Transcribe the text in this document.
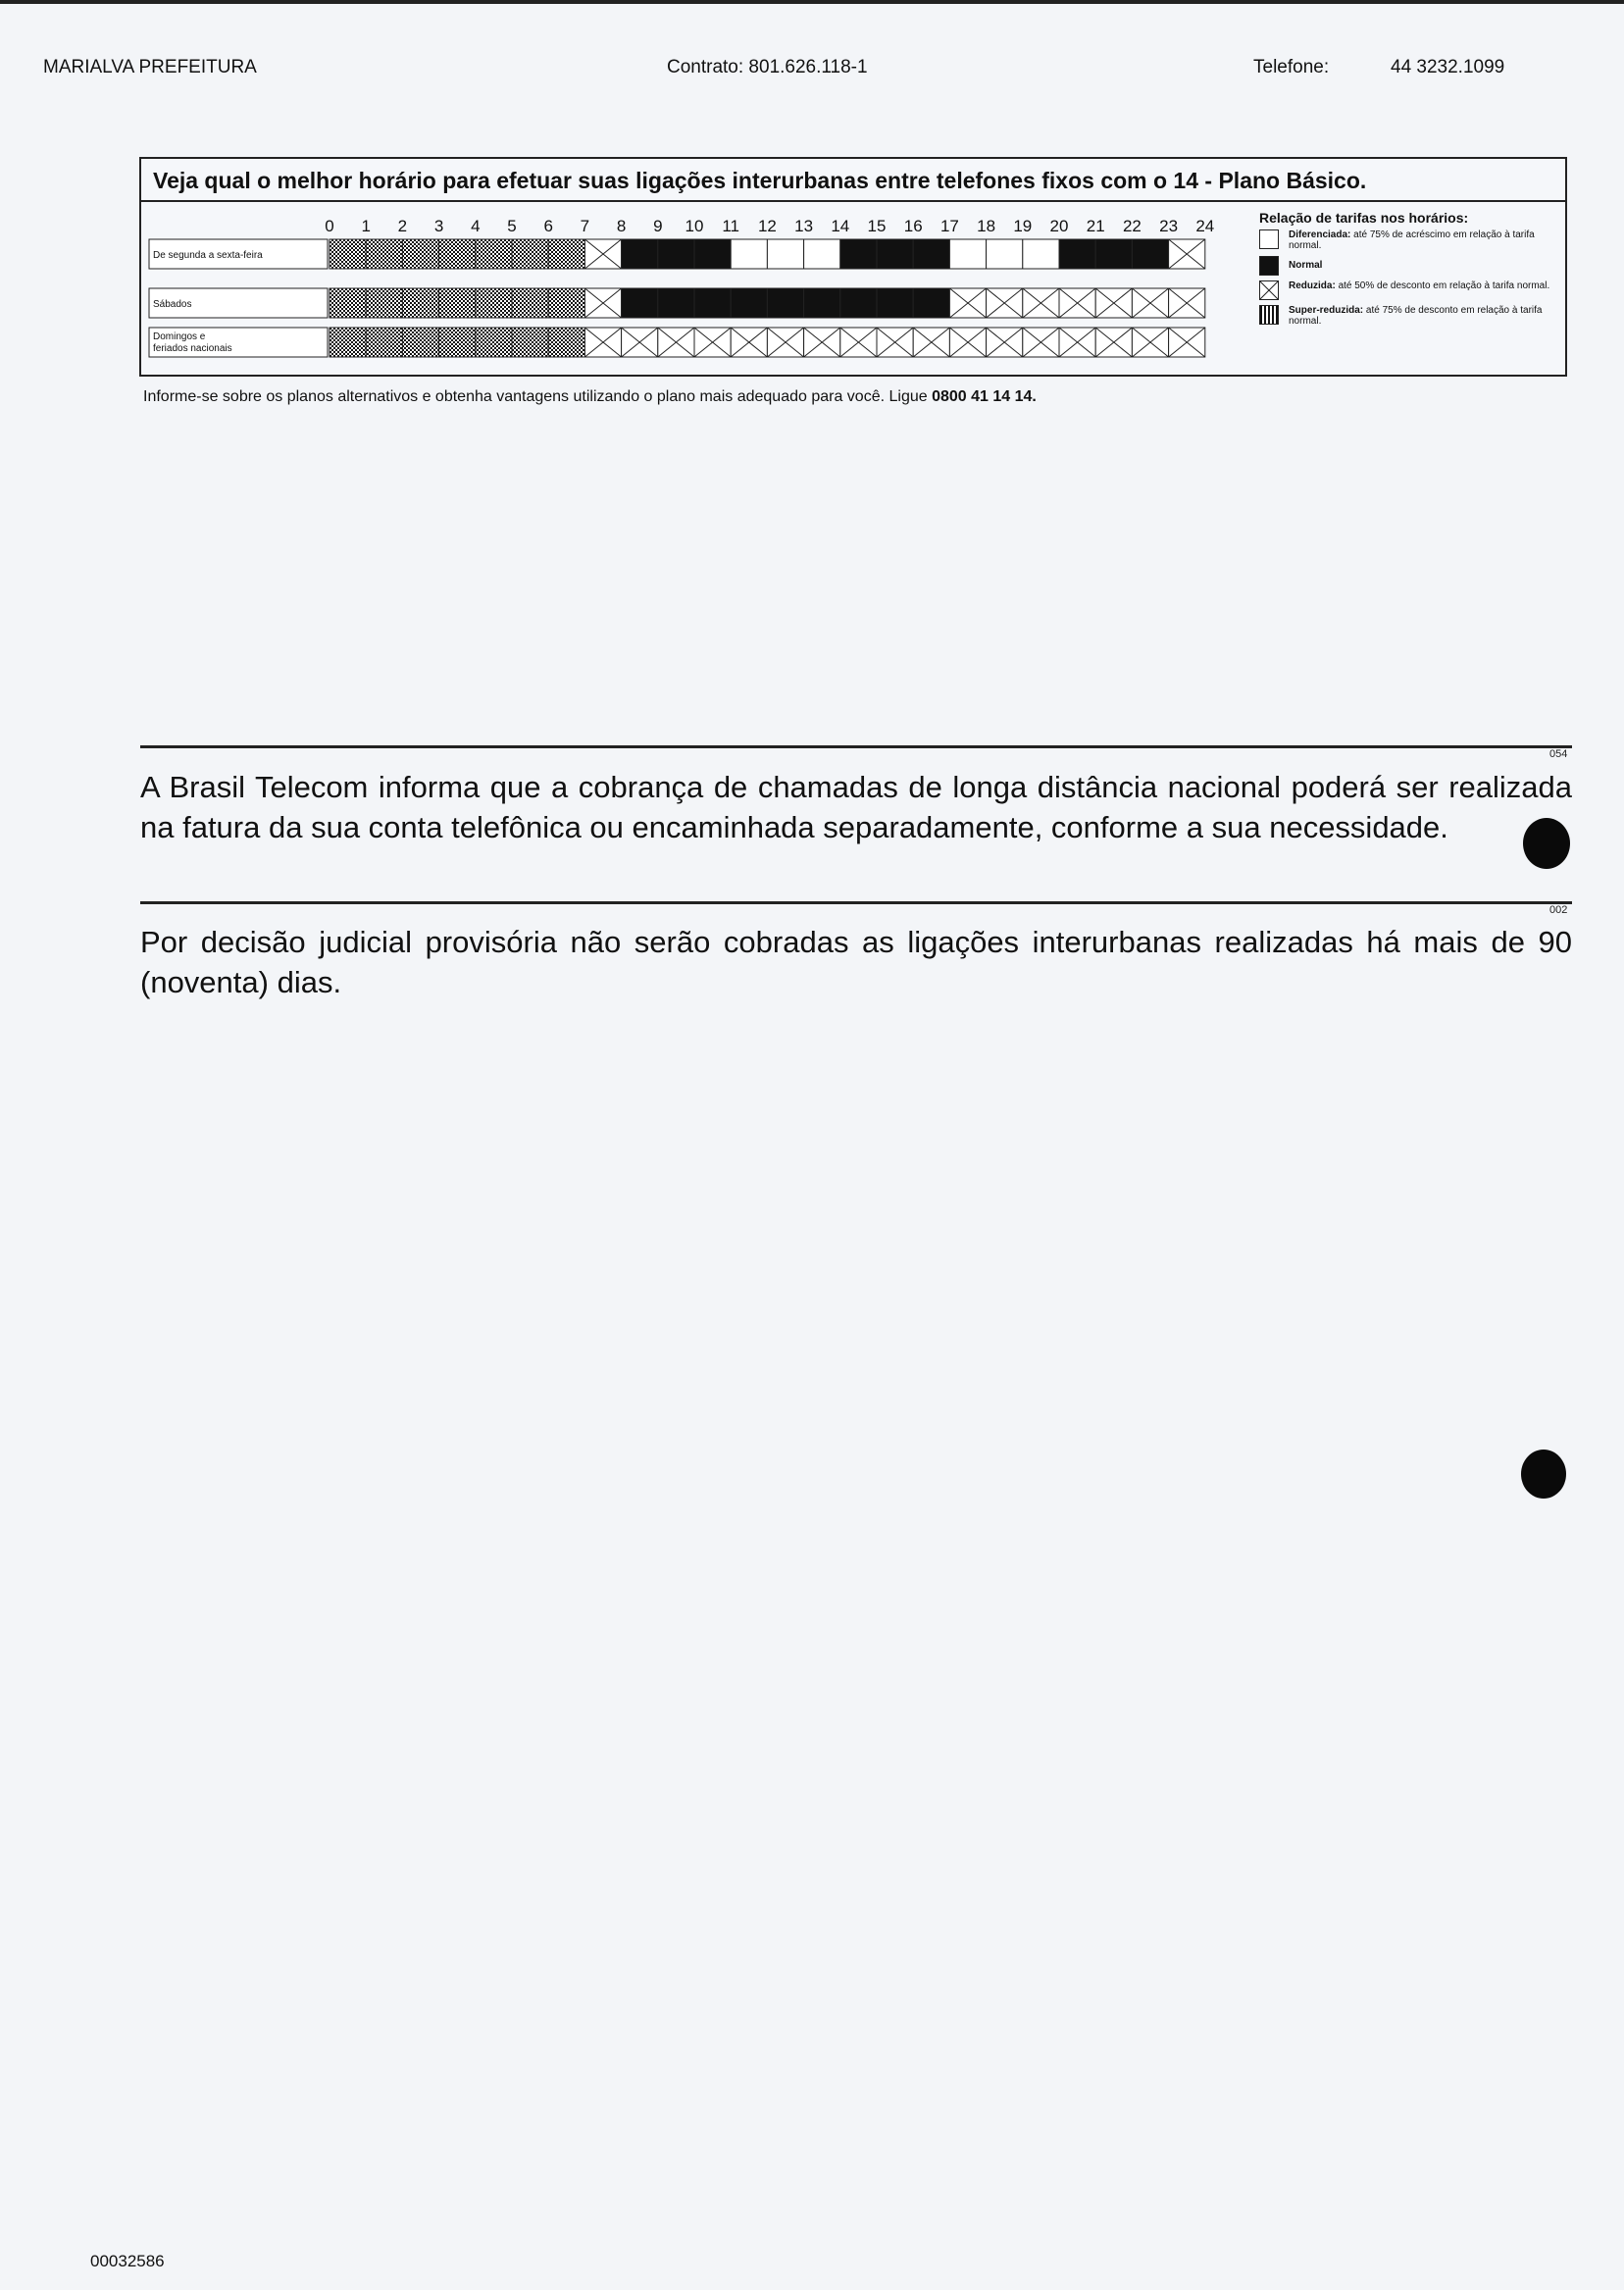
MARIALVA PREFEITURA	Contrato: 801.626.118-1	Telefone:	44 3232.1099
Veja qual o melhor horário para efetuar suas ligações interurbanas entre telefones fixos com o 14 - Plano Básico.
0 1 2 3 4 5 6 7 8 9 10 11 12 13 14 15 16 17 18 19 20 21 22 23 24
De segunda a sexta-feira
Sábados
Domingos e feriados nacionais
Relação de tarifas nos horários:
Diferenciada: até 75% de acréscimo em relação à tarifa normal.
Normal
Reduzida: até 50% de desconto em relação à tarifa normal.
Super-reduzida: até 75% de desconto em relação à tarifa normal.
Informe-se sobre os planos alternativos e obtenha vantagens utilizando o plano mais adequado para você. Ligue 0800 41 14 14.
054
A Brasil Telecom informa que a cobrança de chamadas de longa distância nacional poderá ser realizada na fatura da sua conta telefônica ou encaminhada separadamente, conforme a sua necessidade.
002
Por decisão judicial provisória não serão cobradas as ligações interurbanas realizadas há mais de 90 (noventa) dias.
00032586
